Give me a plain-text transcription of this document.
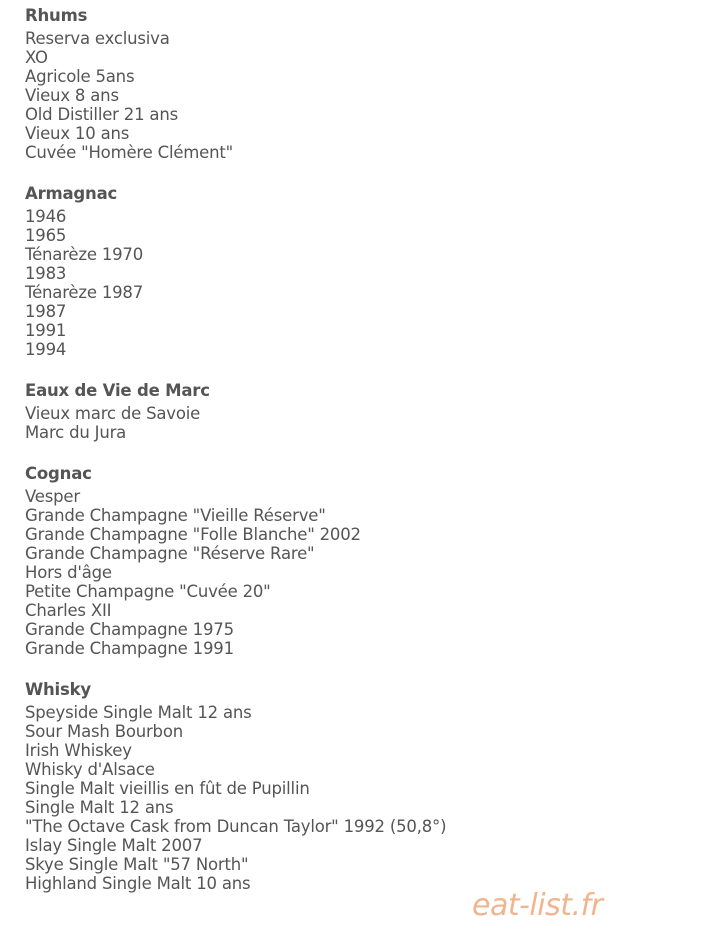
Rhums
Reserva exclusiva
XO
Agricole 5ans
Vieux 8 ans
Old Distiller 21 ans
Vieux 10 ans
Cuvée "Homère Clément"
Armagnac
1946
1965
Ténarèze 1970
1983
Ténarèze 1987
1987
1991
1994
Eaux de Vie de Marc
Vieux marc de Savoie
Marc du Jura
Cognac
Vesper
Grande Champagne "Vieille Réserve"
Grande Champagne "Folle Blanche" 2002
Grande Champagne "Réserve Rare"
Hors d'âge
Petite Champagne "Cuvée 20"
Charles XII
Grande Champagne 1975
Grande Champagne 1991
Whisky
Speyside Single Malt 12 ans
Sour Mash Bourbon
Irish Whiskey
Whisky d'Alsace
Single Malt vieillis en fût de Pupillin
Single Malt 12 ans
"The Octave Cask from Duncan Taylor" 1992 (50,8°)
Islay Single Malt 2007
Skye Single Malt "57 North"
Highland Single Malt 10 ans
eat-list.fr
